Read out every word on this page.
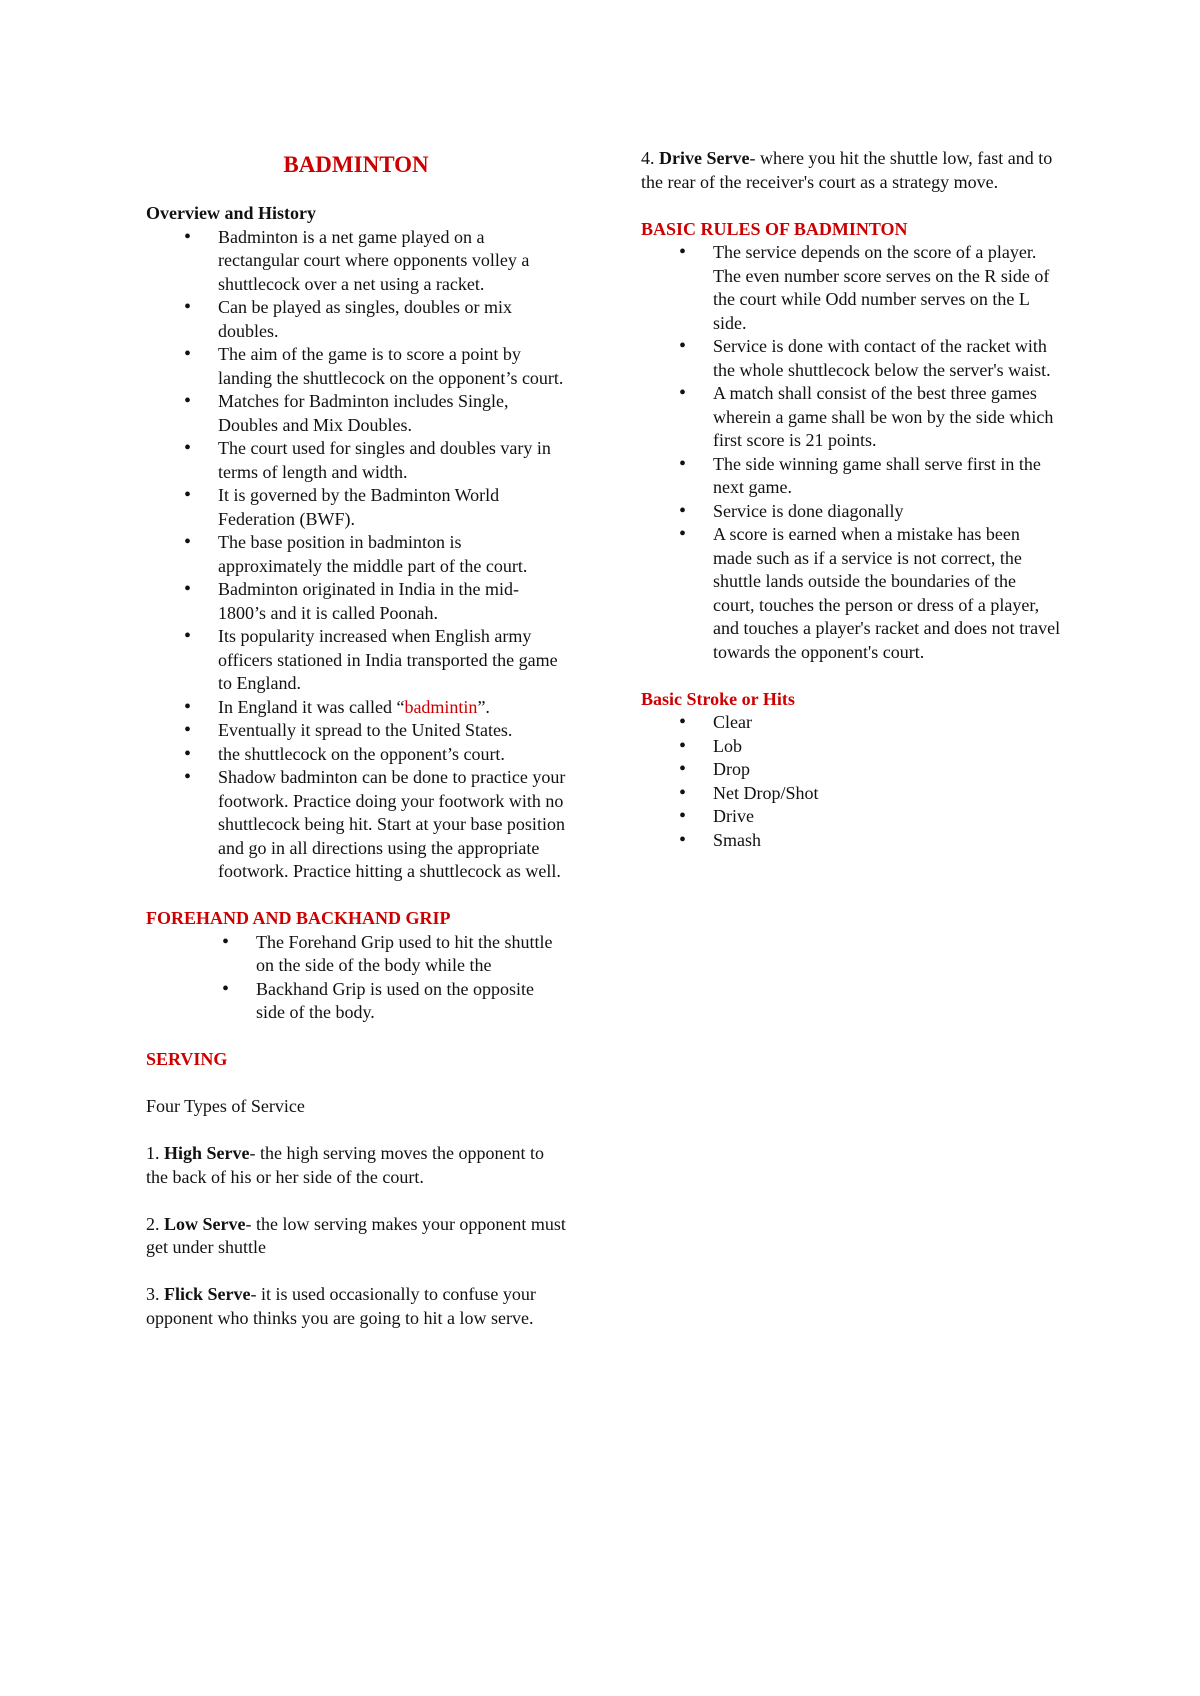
BADMINTON

Overview and History

• Badminton is a net game played on a rectangular court where opponents volley a shuttlecock over a net using a racket.
• Can be played as singles, doubles or mix doubles.
• The aim of the game is to score a point by landing the shuttlecock on the opponent’s court.
• Matches for Badminton includes Single, Doubles and Mix Doubles.
• The court used for singles and doubles vary in terms of length and width.
• It is governed by the Badminton World Federation (BWF).
• The base position in badminton is approximately the middle part of the court.
• Badminton originated in India in the mid-1800’s and it is called Poonah.
• Its popularity increased when English army officers stationed in India transported the game to England.
• In England it was called “badmintin”.
• Eventually it spread to the United States.
• the shuttlecock on the opponent’s court.
• Shadow badminton can be done to practice your footwork. Practice doing your footwork with no shuttlecock being hit. Start at your base position and go in all directions using the appropriate footwork. Practice hitting a shuttlecock as well.

FOREHAND AND BACKHAND GRIP

• The Forehand Grip used to hit the shuttle on the side of the body while the
• Backhand Grip is used on the opposite side of the body.

SERVING

Four Types of Service

1. High Serve- the high serving moves the opponent to the back of his or her side of the court.

2. Low Serve- the low serving makes your opponent must get under shuttle

3. Flick Serve- it is used occasionally to confuse your opponent who thinks you are going to hit a low serve.

4. Drive Serve- where you hit the shuttle low, fast and to the rear of the receiver's court as a strategy move.

BASIC RULES OF BADMINTON

• The service depends on the score of a player. The even number score serves on the R side of the court while Odd number serves on the L side.
• Service is done with contact of the racket with the whole shuttlecock below the server's waist.
• A match shall consist of the best three games wherein a game shall be won by the side which first score is 21 points.
• The side winning game shall serve first in the next game.
• Service is done diagonally
• A score is earned when a mistake has been made such as if a service is not correct, the shuttle lands outside the boundaries of the court, touches the person or dress of a player, and touches a player's racket and does not travel towards the opponent's court.

Basic Stroke or Hits

• Clear
• Lob
• Drop
• Net Drop/Shot
• Drive
• Smash
